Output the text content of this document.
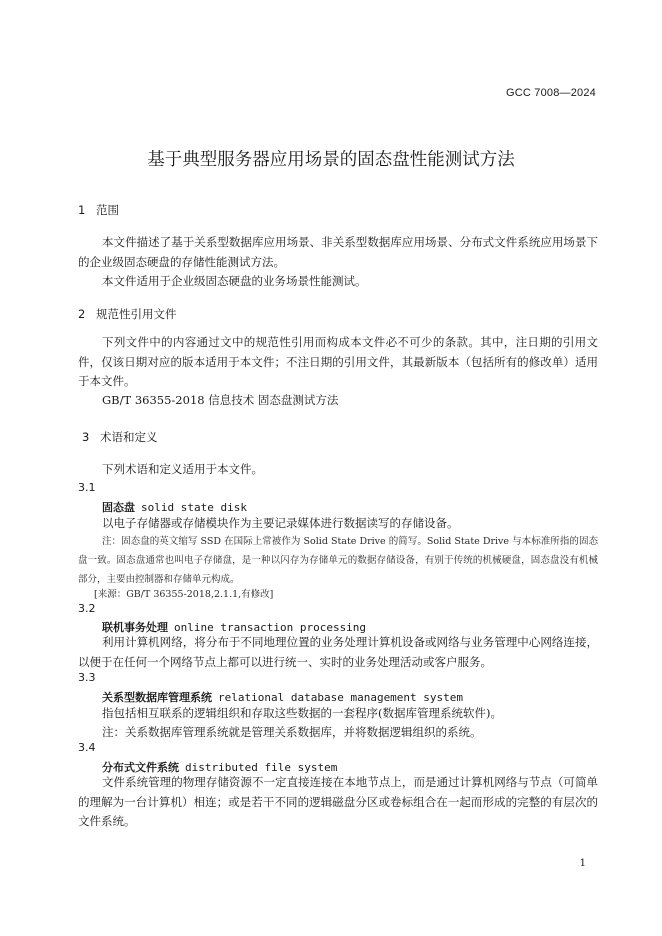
GCC 7008—2024
基于典型服务器应用场景的固态盘性能测试方法
1 范围
本文件描述了基于关系型数据库应用场景、非关系型数据库应用场景、分布式文件系统应用场景下的企业级固态硬盘的存储性能测试方法。
本文件适用于企业级固态硬盘的业务场景性能测试。
2 规范性引用文件
下列文件中的内容通过文中的规范性引用而构成本文件必不可少的条款。其中，注日期的引用文件，仅该日期对应的版本适用于本文件；不注日期的引用文件，其最新版本（包括所有的修改单）适用于本文件。
GB/T 36355-2018 信息技术 固态盘测试方法
3 术语和定义
下列术语和定义适用于本文件。
3.1
固态盘 solid state disk
以电子存储器或存储模块作为主要记录媒体进行数据读写的存储设备。
注：固态盘的英文缩写 SSD 在国际上常被作为 Solid State Drive 的简写。Solid State Drive 与本标准所指的固态盘一致。固态盘通常也叫电子存储盘，是一种以闪存为存储单元的数据存储设备，有别于传统的机械硬盘，固态盘没有机械部分，主要由控制器和存储单元构成。
[来源：GB/T 36355-2018,2.1.1,有修改]
3.2
联机事务处理 online transaction processing
利用计算机网络，将分布于不同地理位置的业务处理计算机设备或网络与业务管理中心网络连接，以便于在任何一个网络节点上都可以进行统一、实时的业务处理活动或客户服务。
3.3
关系型数据库管理系统 relational database management system
指包括相互联系的逻辑组织和存取这些数据的一套程序(数据库管理系统软件)。
注：关系数据库管理系统就是管理关系数据库，并将数据逻辑组织的系统。
3.4
分布式文件系统 distributed file system
文件系统管理的物理存储资源不一定直接连接在本地节点上，而是通过计算机网络与节点（可简单的理解为一台计算机）相连；或是若干不同的逻辑磁盘分区或卷标组合在一起而形成的完整的有层次的文件系统。
1
